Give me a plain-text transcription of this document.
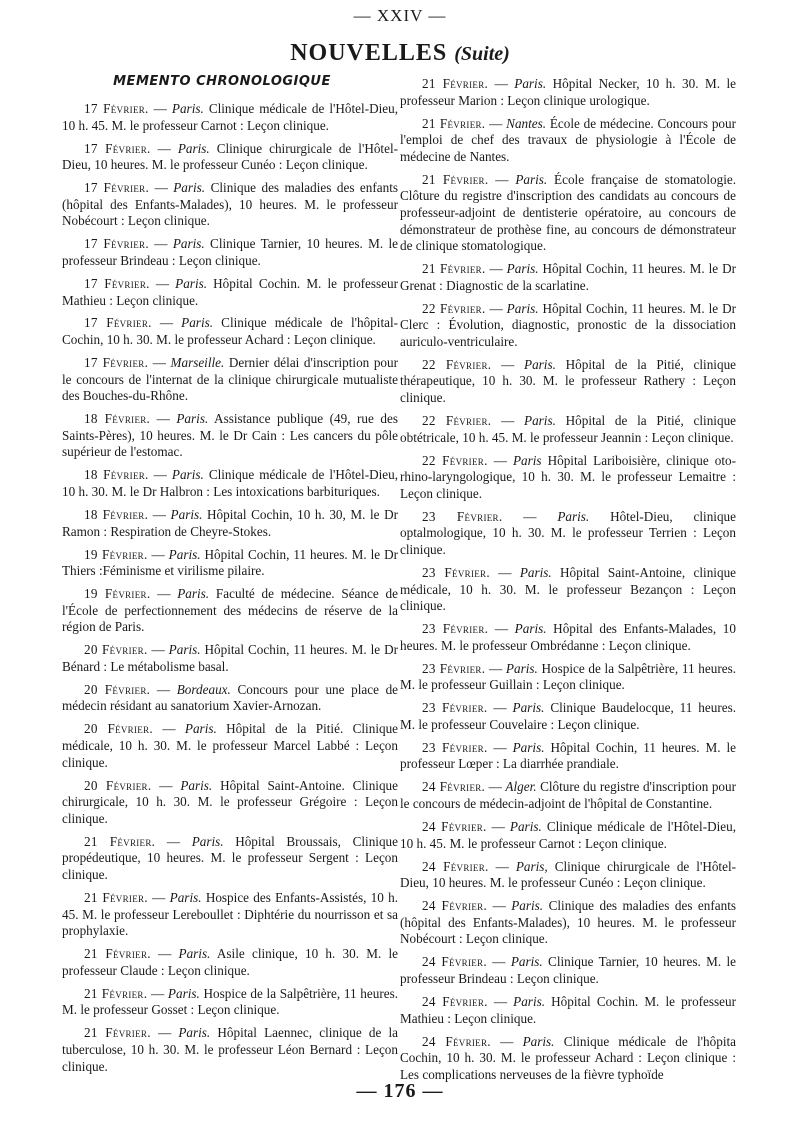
— XXIV —
NOUVELLES (Suite)
MEMENTO CHRONOLOGIQUE

17 Février. — Paris. Clinique médicale de l'Hôtel-Dieu, 10 h. 45. M. le professeur Carnot : Leçon clinique.

17 Février. — Paris. Clinique chirurgicale de l'Hôtel-Dieu, 10 heures. M. le professeur Cunéo : Leçon clinique.

17 Février. — Paris. Clinique des maladies des enfants (hôpital des Enfants-Malades), 10 heures. M. le professeur Nobécourt : Leçon clinique.

17 Février. — Paris. Clinique Tarnier, 10 heures. M. le professeur Brindeau : Leçon clinique.

17 Février. — Paris. Hôpital Cochin. M. le professeur Mathieu : Leçon clinique.

17 Février. — Paris. Clinique médicale de l'hôpital-Cochin, 10 h. 30. M. le professeur Achard : Leçon clinique.

17 Février. — Marseille. Dernier délai d'inscription pour le concours de l'internat de la clinique chirurgicale mutualiste des Bouches-du-Rhône.

18 Février. — Paris. Assistance publique (49, rue des Saints-Pères), 10 heures. M. le Dr Cain : Les cancers du pôle supérieur de l'estomac.

18 Février. — Paris. Clinique médicale de l'Hôtel-Dieu, 10 h. 30. M. le Dr Halbron : Les intoxications barbituriques.

18 Février. — Paris. Hôpital Cochin, 10 h. 30, M. le Dr Ramon : Respiration de Cheyre-Stokes.

19 Février. — Paris. Hôpital Cochin, 11 heures. M. le Dr Thiers :Féminisme et virilisme pilaire.

19 Février. — Paris. Faculté de médecine. Séance de l'École de perfectionnement des médecins de réserve de la région de Paris.

20 Février. — Paris. Hôpital Cochin, 11 heures. M. le Dr Bénard : Le métabolisme basal.

20 Février. — Bordeaux. Concours pour une place de médecin résidant au sanatorium Xavier-Arnozan.

20 Février. — Paris. Hôpital de la Pitié. Clinique médicale, 10 h. 30. M. le professeur Marcel Labbé : Leçon clinique.

20 Février. — Paris. Hôpital Saint-Antoine. Clinique chirurgicale, 10 h. 30. M. le professeur Grégoire : Leçon clinique.

21 Février. — Paris. Hôpital Broussais, Clinique propédeutique, 10 heures. M. le professeur Sergent : Leçon clinique.

21 Février. — Paris. Hospice des Enfants-Assistés, 10 h. 45. M. le professeur Lereboullet : Diphtérie du nourrisson et sa prophylaxie.

21 Février. — Paris. Asile clinique, 10 h. 30. M. le professeur Claude : Leçon clinique.

21 Février. — Paris. Hospice de la Salpêtrière, 11 heures. M. le professeur Gosset : Leçon clinique.

21 Février. — Paris. Hôpital Laennec, clinique de la tuberculose, 10 h. 30. M. le professeur Léon Bernard : Leçon clinique.

21 Février. — Paris. Hôpital Necker, 10 h. 30. M. le professeur Marion : Leçon clinique urologique.

21 Février. — Nantes. École de médecine. Concours pour l'emploi de chef des travaux de physiologie à l'École de médecine de Nantes.

21 Février. — Paris. École française de stomatologie. Clôture du registre d'inscription des candidats au concours de professeur-adjoint de dentisterie opératoire, au concours de démonstrateur de prothèse fine, au concours de démonstrateur de clinique stomatologique.

21 Février. — Paris. Hôpital Cochin, 11 heures. M. le Dr Grenat : Diagnostic de la scarlatine.

22 Février. — Paris. Hôpital Cochin, 11 heures. M. le Dr Clerc : Évolution, diagnostic, pronostic de la dissociation auriculo-ventriculaire.

22 Février. — Paris. Hôpital de la Pitié, clinique thérapeutique, 10 h. 30. M. le professeur Rathery : Leçon clinique.

22 Février. — Paris. Hôpital de la Pitié, clinique obtétricale, 10 h. 45. M. le professeur Jeannin : Leçon clinique.

22 Février. — Paris Hôpital Lariboisière, clinique oto-rhino-laryngologique, 10 h. 30. M. le professeur Lemaitre : Leçon clinique.

23 Février. — Paris. Hôtel-Dieu, clinique optalmologique, 10 h. 30. M. le professeur Terrien : Leçon clinique.

23 Février. — Paris. Hôpital Saint-Antoine, clinique médicale, 10 h. 30. M. le professeur Bezançon : Leçon clinique.

23 Février. — Paris. Hôpital des Enfants-Malades, 10 heures. M. le professeur Ombrédanne : Leçon clinique.

23 Février. — Paris. Hospice de la Salpêtrière, 11 heures. M. le professeur Guillain : Leçon clinique.

23 Février. — Paris. Clinique Baudelocque, 11 heures. M. le professeur Couvelaire : Leçon clinique.

23 Février. — Paris. Hôpital Cochin, 11 heures. M. le professeur Lœper : La diarrhée prandiale.

24 Février. — Alger. Clôture du registre d'inscription pour le concours de médecin-adjoint de l'hôpital de Constantine.

24 Février. — Paris. Clinique médicale de l'Hôtel-Dieu, 10 h. 45. M. le professeur Carnot : Leçon clinique.

24 Février. — Paris, Clinique chirurgicale de l'Hôtel-Dieu, 10 heures. M. le professeur Cunéo : Leçon clinique.

24 Février. — Paris. Clinique des maladies des enfants (hôpital des Enfants-Malades), 10 heures. M. le professeur Nobécourt : Leçon clinique.

24 Février. — Paris. Clinique Tarnier, 10 heures. M. le professeur Brindeau : Leçon clinique.

24 Février. — Paris. Hôpital Cochin. M. le professeur Mathieu : Leçon clinique.

24 Février. — Paris. Clinique médicale de l'hôpita Cochin, 10 h. 30. M. le professeur Achard : Leçon clinique : Les complications nerveuses de la fièvre typhoïde

— 176 —
